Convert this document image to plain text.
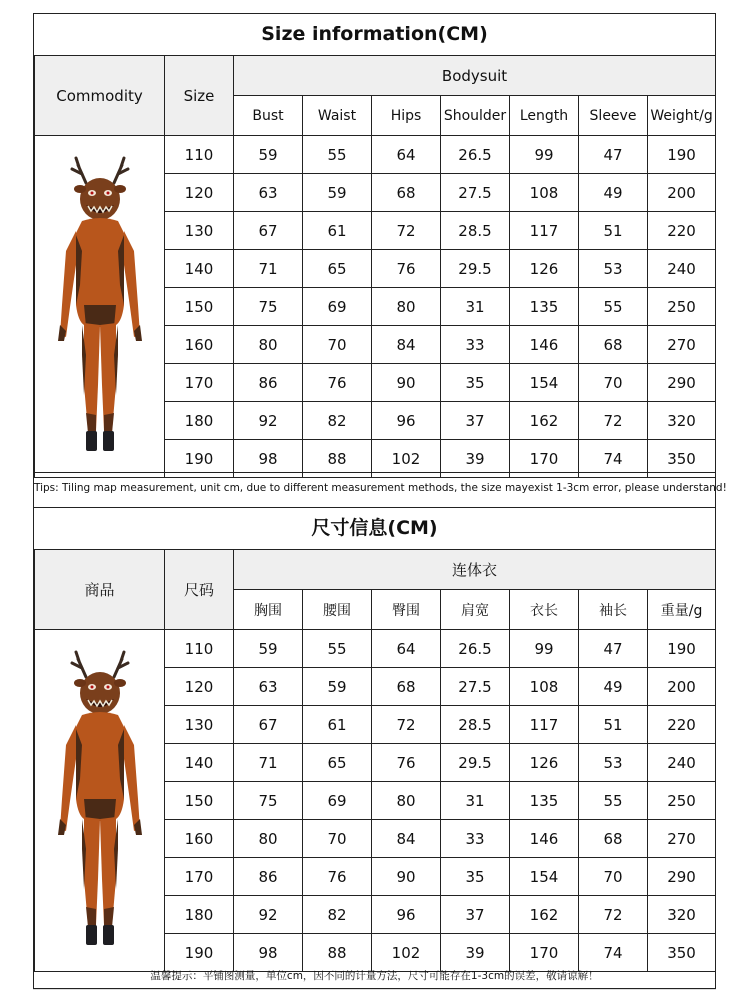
Size information(CM)
Commodity	Size	Bodysuit						
		Bust	Waist	Hips	Shoulder	Length	Sleeve	Weight/g
	110	59	55	64	26.5	99	47	190
	120	63	59	68	27.5	108	49	200
	130	67	61	72	28.5	117	51	220
	140	71	65	76	29.5	126	53	240
	150	75	69	80	31	135	55	250
	160	80	70	84	33	146	68	270
	170	86	76	90	35	154	70	290
	180	92	82	96	37	162	72	320
	190	98	88	102	39	170	74	350
Tips: Tiling map measurement, unit cm, due to different measurement methods, the size mayexist 1-3cm error, please understand!
尺寸信息(CM)
商品	尺码	连体衣						
		胸围	腰围	臀围	肩宽	衣长	袖长	重量/g
	110	59	55	64	26.5	99	47	190
	120	63	59	68	27.5	108	49	200
	130	67	61	72	28.5	117	51	220
	140	71	65	76	29.5	126	53	240
	150	75	69	80	31	135	55	250
	160	80	70	84	33	146	68	270
	170	86	76	90	35	154	70	290
	180	92	82	96	37	162	72	320
	190	98	88	102	39	170	74	350
温馨提示：平铺图测量，单位cm，因不同的计量方法，尺寸可能存在1-3cm的误差，敬请谅解！
